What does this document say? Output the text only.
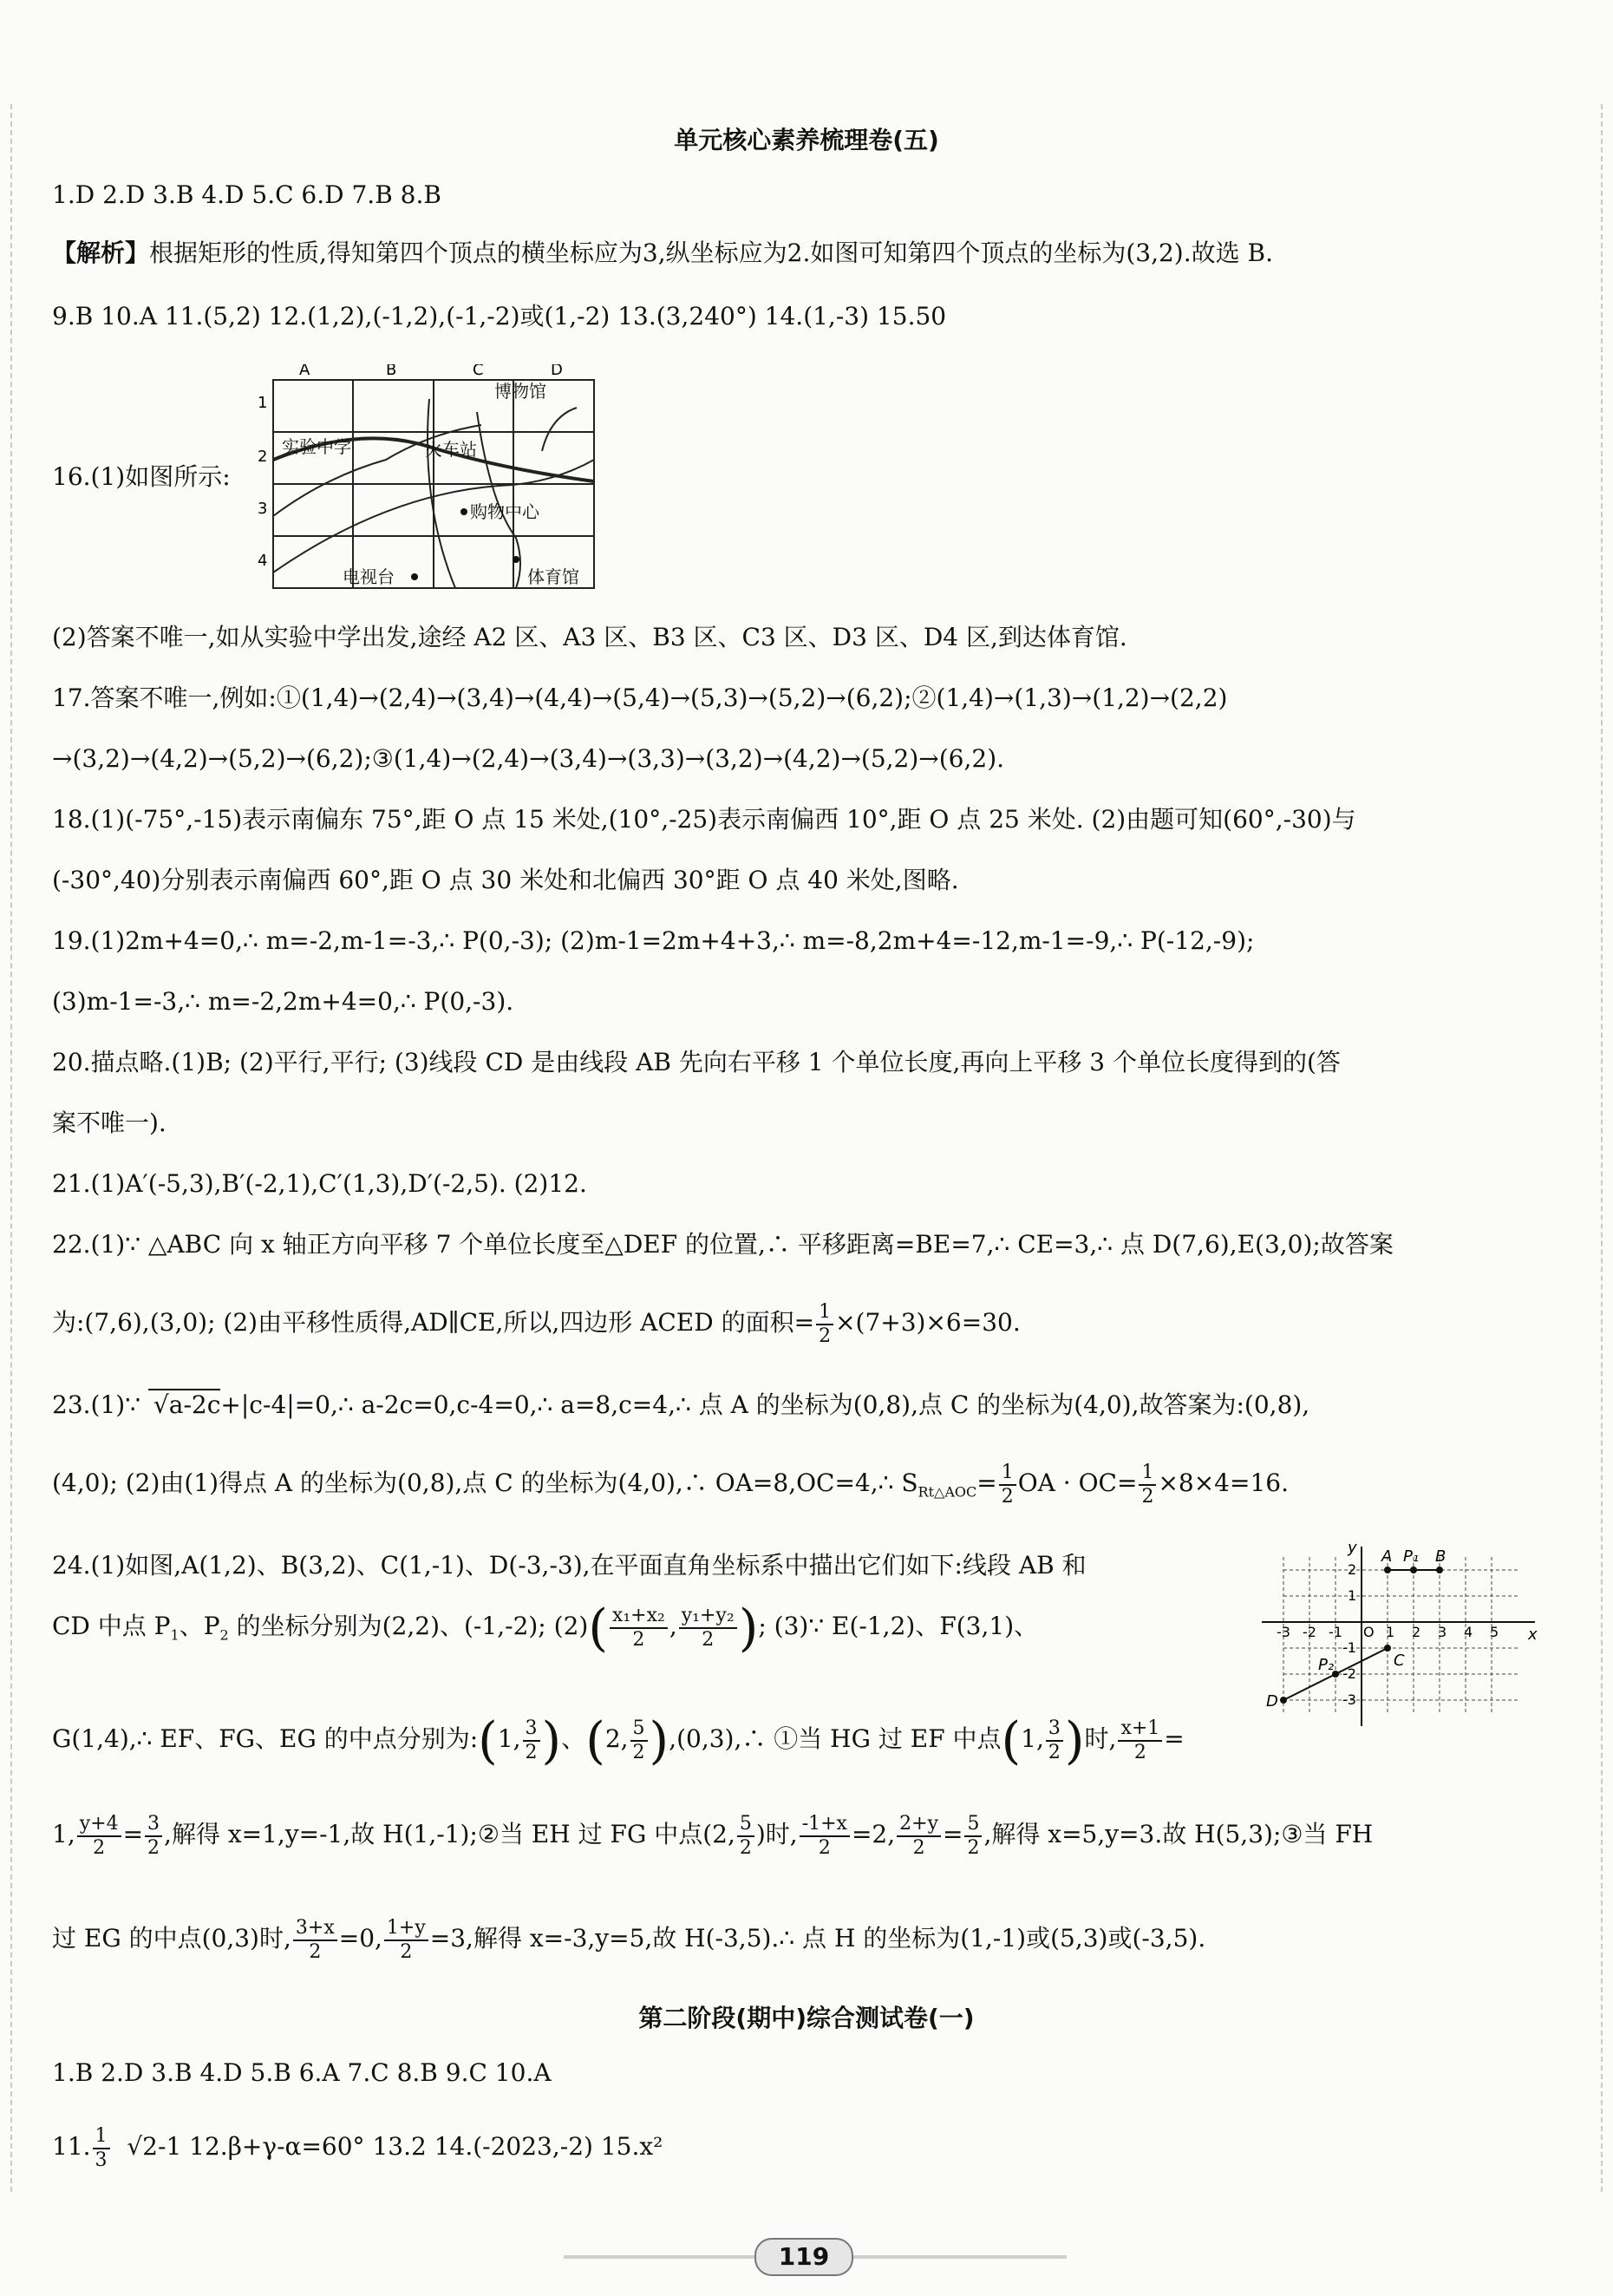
单元核心素养梳理卷(五)
1.D 2.D 3.B 4.D 5.C 6.D 7.B 8.B
【解析】根据矩形的性质,得知第四个顶点的横坐标应为3,纵坐标应为2.如图可知第四个顶点的坐标为(3,2).故选 B.
9.B 10.A 11.(5,2) 12.(1,2),(-1,2),(-1,-2)或(1,-2) 13.(3,240°) 14.(1,-3) 15.50
16.(1)如图所示:
A	B	C	D
1
2
3
4
博物馆
实验中学	火车站
购物中心
电视台	体育馆
(2)答案不唯一,如从实验中学出发,途经 A2 区、A3 区、B3 区、C3 区、D3 区、D4 区,到达体育馆.
17.答案不唯一,例如:①(1,4)→(2,4)→(3,4)→(4,4)→(5,4)→(5,3)→(5,2)→(6,2);②(1,4)→(1,3)→(1,2)→(2,2)
→(3,2)→(4,2)→(5,2)→(6,2);③(1,4)→(2,4)→(3,4)→(3,3)→(3,2)→(4,2)→(5,2)→(6,2).
18.(1)(-75°,-15)表示南偏东 75°,距 O 点 15 米处,(10°,-25)表示南偏西 10°,距 O 点 25 米处. (2)由题可知(60°,-30)与
(-30°,40)分别表示南偏西 60°,距 O 点 30 米处和北偏西 30°距 O 点 40 米处,图略.
19.(1)2m+4=0,∴ m=-2,m-1=-3,∴ P(0,-3); (2)m-1=2m+4+3,∴ m=-8,2m+4=-12,m-1=-9,∴ P(-12,-9);
(3)m-1=-3,∴ m=-2,2m+4=0,∴ P(0,-3).
20.描点略.(1)B; (2)平行,平行; (3)线段 CD 是由线段 AB 先向右平移 1 个单位长度,再向上平移 3 个单位长度得到的(答
案不唯一).
21.(1)A′(-5,3),B′(-2,1),C′(1,3),D′(-2,5). (2)12.
22.(1)∵ △ABC 向 x 轴正方向平移 7 个单位长度至△DEF 的位置,∴ 平移距离=BE=7,∴ CE=3,∴ 点 D(7,6),E(3,0);故答案
为:(7,6),(3,0); (2)由平移性质得,AD∥CE,所以,四边形 ACED 的面积= $\frac{1}{2} \times(7+3)\times 6=30$.
23.(1)∵ √a-2c+|c-4|=0,∴ a-2c=0,c-4=0,∴ a=8,c=4,∴ 点 A 的坐标为(0,8),点 C 的坐标为(4,0),故答案为:(0,8),
(4,0); (2)由(1)得点 A 的坐标为(0,8),点 C 的坐标为(4,0),∴ OA=8,OC=4,∴ $S_{Rt\triangle AOC}= \frac{1}{2}$ OA · $OC= \frac{1}{2} \times 8\times 4=16$.
24.(1)如图,A(1,2)、B(3,2)、C(1,-1)、D(-3,-3),在平面直角坐标系中描出它们如下:线段 AB 和
CD 中点 $P_1$、$P_2$ 的坐标分别为(2,2)、(-1,-2); $(2)( \frac{\text{x₁+x₂}}{2}$ , $\frac{\text{y₁+y₂}}{2}$ ); (3)∵ E(-1,2)、F(3,1)、	x
y A	B
C
D
P₁
P₂
-3 -2 -1 O 1 2 3 4 5
2
1
-1
-2
-3
G(1,4),∴ EF、FG、EG 的中点分别为:(1, $\frac{3}{2}$ )、(2, $\frac{5}{2}$ ),(0,3),∴ ①当 HG 过 EF 中点(1, $\frac{3}{2}$ )时, $\frac{x+1}{2}$ =
1, $\frac{y+4}{2} = \frac{3}{2}$ ,解得 x=1,y=-1,故 H(1,-1);②当 EH 过 FG 中点(2, $\frac{5}{2}$ )时, $\frac{-1+x}{2} =2$, $\frac{2+y}{2} = \frac{5}{2}$ ,解得 x=5,y=3.故 H(5,3);③当 FH
过 EG 的中点(0,3)时, $\frac{3+x}{2} =0$, $\frac{1+y}{2} =3$,解得 x=-3,y=5,故 H(-3,5).∴ 点 H 的坐标为(1,-1)或(5,3)或(-3,5).
第二阶段(期中)综合测试卷(一)
1.B 2.D 3.B 4.D 5.B 6.A 7.C 8.B 9.C 10.A
11. $\frac{1}{3} √2-1$ 12.β+γ-α=60° 13.2 14.(-2023,-2) 15.x²
119
